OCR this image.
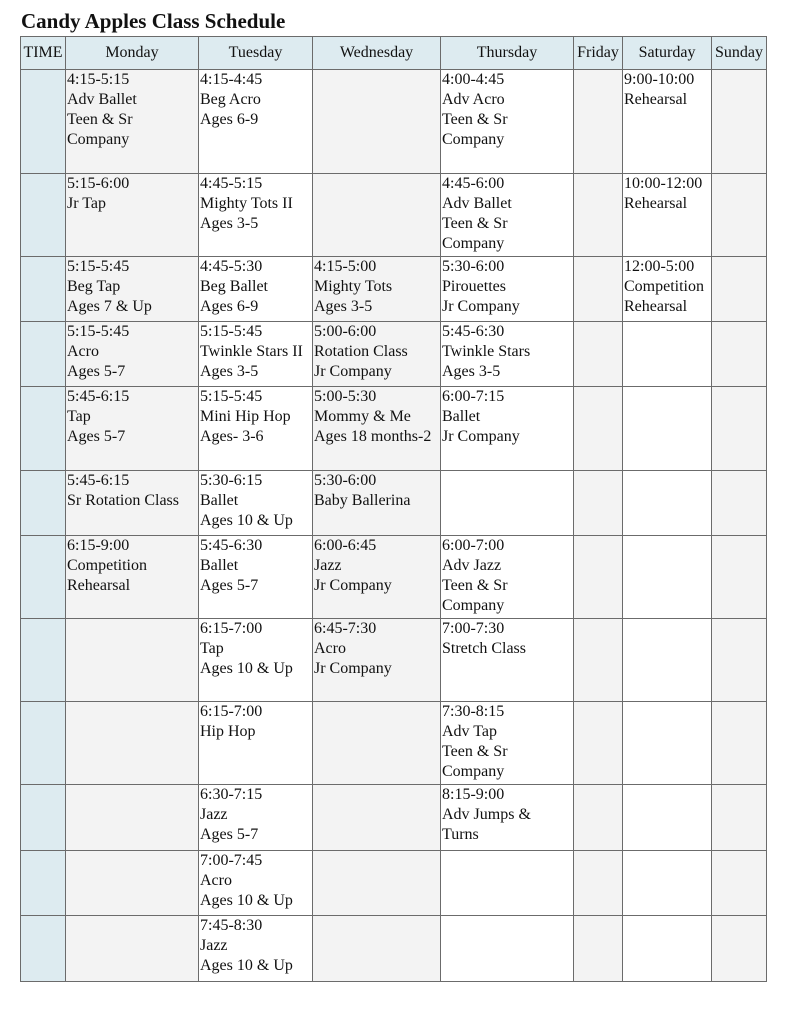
Candy Apples Class Schedule
TIME	Monday	Tuesday	Wednesday	Thursday	Friday	Saturday	Sunday

	4:15-5:15
Adv Ballet
Teen & Sr
Company	4:15-4:45
Beg Acro
Ages 6-9		4:00-4:45
Adv Acro
Teen & Sr
Company		9:00-10:00
Rehearsal	

	5:15-6:00
Jr Tap	4:45-5:15
Mighty Tots II
Ages 3-5		4:45-6:00
Adv Ballet
Teen & Sr
Company		10:00-12:00
Rehearsal	

	5:15-5:45
Beg Tap
Ages 7 & Up	4:45-5:30
Beg Ballet
Ages 6-9	4:15-5:00
Mighty Tots
Ages 3-5	5:30-6:00
Pirouettes
Jr Company		12:00-5:00
Competition
Rehearsal	

	5:15-5:45
Acro
Ages 5-7	5:15-5:45
Twinkle Stars II
Ages 3-5	5:00-6:00
Rotation Class
Jr Company	5:45-6:30
Twinkle Stars
Ages 3-5			

	5:45-6:15
Tap
Ages 5-7	5:15-5:45
Mini Hip Hop
Ages- 3-6	5:00-5:30
Mommy & Me
Ages 18 months-2	6:00-7:15
Ballet
Jr Company			

	5:45-6:15
Sr Rotation Class	5:30-6:15
Ballet
Ages 10 & Up	5:30-6:00
Baby Ballerina				

	6:15-9:00
Competition
Rehearsal	5:45-6:30
Ballet
Ages 5-7	6:00-6:45
Jazz
Jr Company	6:00-7:00
Adv Jazz
Teen & Sr
Company			

		6:15-7:00
Tap
Ages 10 & Up	6:45-7:30
Acro
Jr Company	7:00-7:30
Stretch Class			

		6:15-7:00
Hip Hop		7:30-8:15
Adv Tap
Teen & Sr
Company			

		6:30-7:15
Jazz
Ages 5-7		8:15-9:00
Adv Jumps &
Turns			

		7:00-7:45
Acro
Ages 10 & Up					

		7:45-8:30
Jazz
Ages 10 & Up					
